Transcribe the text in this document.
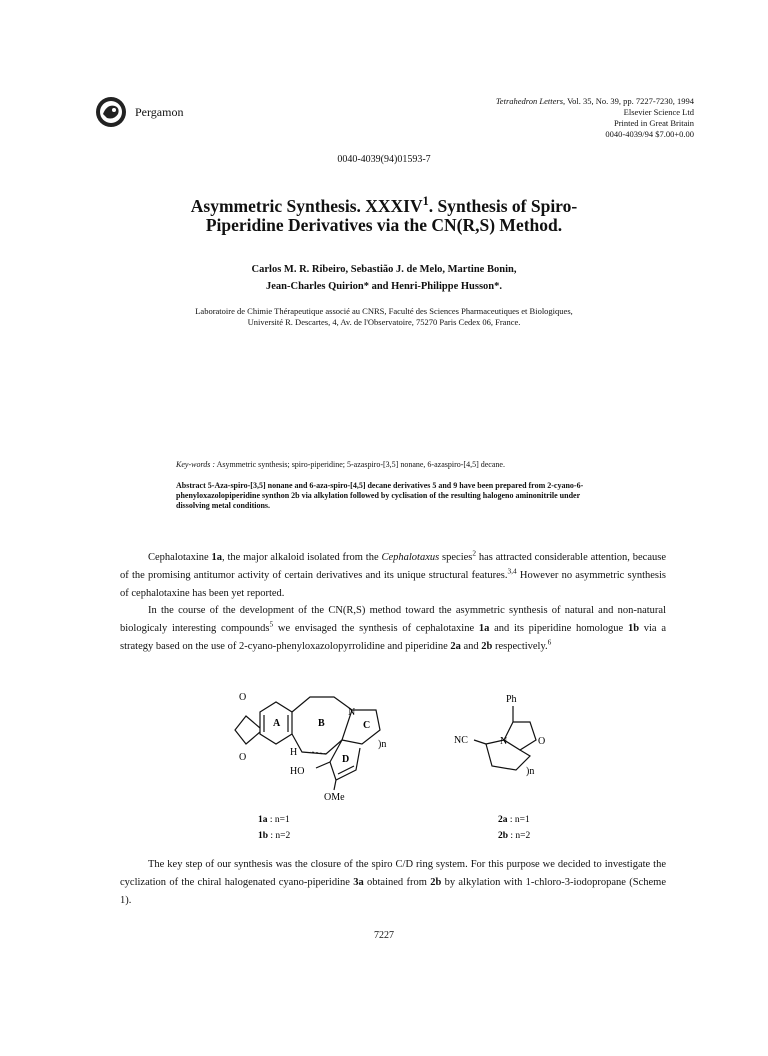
Pergamon
Tetrahedron Letters, Vol. 35, No. 39, pp. 7227-7230, 1994
Elsevier Science Ltd
Printed in Great Britain
0040-4039/94 $7.00+0.00
0040-4039(94)01593-7
Asymmetric Synthesis. XXXIV$^1$. Synthesis of Spiro-
Piperidine Derivatives via the CN(R,S) Method.
Carlos M. R. Ribeiro, Sebastião J. de Melo, Martine Bonin,
Jean-Charles Quirion* and Henri-Philippe Husson*.
Laboratoire de Chimie Thérapeutique associé au CNRS, Faculté des Sciences Pharmaceutiques et Biologiques,
Université R. Descartes, 4, Av. de l'Observatoire, 75270 Paris Cedex 06, France.
Key-words : Asymmetric synthesis; spiro-piperidine; 5-azaspiro-[3,5] nonane, 6-azaspiro-[4,5] decane.
Abstract 5-Aza-spiro-[3,5] nonane and 6-aza-spiro-[4,5] decane derivatives 5 and 9 have been prepared from 2-cyano-6-phenyloxazolopiperidine synthon 2b via alkylation followed by cyclisation of the resulting halogeno aminonitrile under dissolving metal conditions.
Cephalotaxine 1a, the major alkaloid isolated from the Cephalotaxus species$^2$ has attracted considerable attention, because of the promising antitumor activity of certain derivatives and its unique structural features.$^{3,4}$ However no asymmetric synthesis of cephalotaxine has been yet reported.
In the course of the development of the CN(R,S) method toward the asymmetric synthesis of natural and non-natural biologicaly interesting compounds$^5$ we envisaged the synthesis of cephalotaxine 1a and its piperidine homologue 1b via a strategy based on the use of 2-cyano-phenyloxazolopyrrolidine and piperidine 2a and 2b respectively.$^6$
O
O
A	B	C
D
N
)n
H
HO
OMe
Ph
NC	N	O
)n
1a : n=1
1b : n=2
2a : n=1
2b : n=2
The key step of our synthesis was the closure of the spiro C/D ring system. For this purpose we decided to investigate the cyclization of the chiral halogenated cyano-piperidine 3a obtained from 2b by alkylation with 1-chloro-3-iodopropane (Scheme 1).
7227
